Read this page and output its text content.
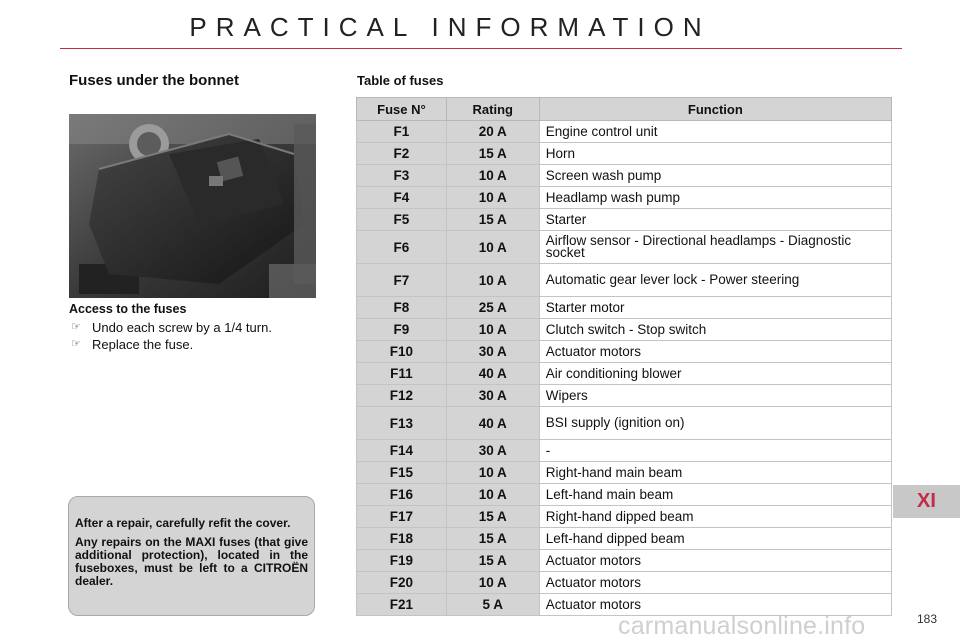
PRACTICAL INFORMATION
Fuses under the bonnet	Table of fuses
Access to the fuses
☞ Undo each screw by a 1/4 turn.
☞ Replace the fuse.

After a repair, carefully refit the cover.

Any repairs on the MAXI fuses (that give additional protection), located in the fuseboxes, must be left to a CITROËN dealer.

Fuse N°	Rating	Function
F1	20 A	Engine control unit
F2	15 A	Horn
F3	10 A	Screen wash pump
F4	10 A	Headlamp wash pump
F5	15 A	Starter
F6	10 A	Airflow sensor - Directional headlamps - Diagnostic socket
F7	10 A	Automatic gear lever lock - Power steering
F8	25 A	Starter motor
F9	10 A	Clutch switch - Stop switch
F10	30 A	Actuator motors
F11	40 A	Air conditioning blower
F12	30 A	Wipers
F13	40 A	BSI supply (ignition on)
F14	30 A	-
F15	10 A	Right-hand main beam
F16	10 A	Left-hand main beam
F17	15 A	Right-hand dipped beam
F18	15 A	Left-hand dipped beam
F19	15 A	Actuator motors
F20	10 A	Actuator motors
F21	5 A	Actuator motors
XI
carmanualsonline.info	183
